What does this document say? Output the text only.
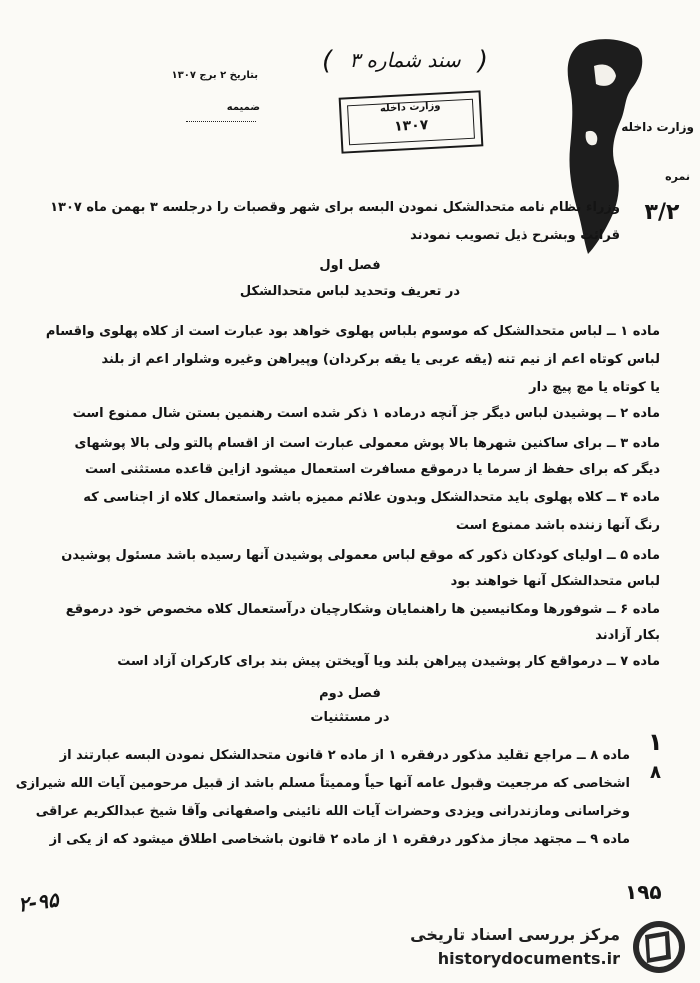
) سند شماره ۳ (
بتاريخ ۲ برج ۱۳۰۷
ضميمه	وزارت داخله
۱۳۰۷	وزارت داخله
نمره
۳/۲
وزراء نظام نامه متحدالشكل نمودن البسه براى شهر وقصبات را درجلسه ۳ بهمن ماه ۱۳۰۷
قرائت وبشرح ذيل تصويب نمودند
فصل اول
در تعريف وتحديد لباس متحدالشكل
ماده ۱ ــ لباس متحدالشكل كه موسوم بلباس پهلوى خواهد بود عبارت است از كلاه پهلوى واقسام
لباس كوتاه اعم از نيم تنه (يقه عربى يا يقه بركردان) وپيراهن وغيره وشلوار اعم از بلند
يا كوتاه يا مچ پيچ دار
ماده ۲ ــ پوشيدن لباس ديگر جز آنچه درماده ۱ ذكر شده است رهنمين بستن شال ممنوع است
ماده ۳ ــ براى ساكنين شهرها بالا پوش معمولى عبارت است از اقسام پالتو ولى بالا پوشهاى
ديگر كه براى حفظ از سرما يا درموقع مسافرت استعمال ميشود ازاين قاعده مستثنى است
ماده ۴ ــ كلاه پهلوى بايد متحدالشكل وبدون علائم مميزه باشد واستعمال كلاه از اجناسى كه
رنگ آنها زننده باشد ممنوع است
ماده ۵ ــ اولياى كودكان ذكور كه موقع لباس معمولى پوشيدن آنها رسيده باشد مسئول پوشيدن
لباس متحدالشكل آنها خواهند بود
ماده ۶ ــ شوفورها ومكانيسين ها راهنمايان وشكارچيان درآستعمال كلاه مخصوص خود درموقع
بكار آزادند
ماده ۷ ــ درمواقع كار پوشيدن پيراهن بلند ويا آويختن پيش بند براى كاركران آزاد است
فصل دوم
در مستثنيات
ماده ۸ ــ مراجع تقليد مذكور درفقره ۱ از ماده ۲ قانون متحدالشكل نمودن البسه عبارتند از
اشخاصى كه مرجعيت وقبول عامه آنها حياً ومميتاً مسلم باشد از قبيل مرحومين آيات الله شيرازى
وخراسانى ومازندرانى ويزدى وحضرات آيات الله نائينى واصفهانى وآقا شيخ عبدالكريم عراقى
ماده ۹ ــ مجتهد مجاز مذكور درفقره ۱ از ماده ۲ قانون باشخاصى اطلاق ميشود كه از يكى از
۱
۸
۱۹۵
۲-۹۵
مركز بررسى اسناد تاريخى
historydocuments.ir
